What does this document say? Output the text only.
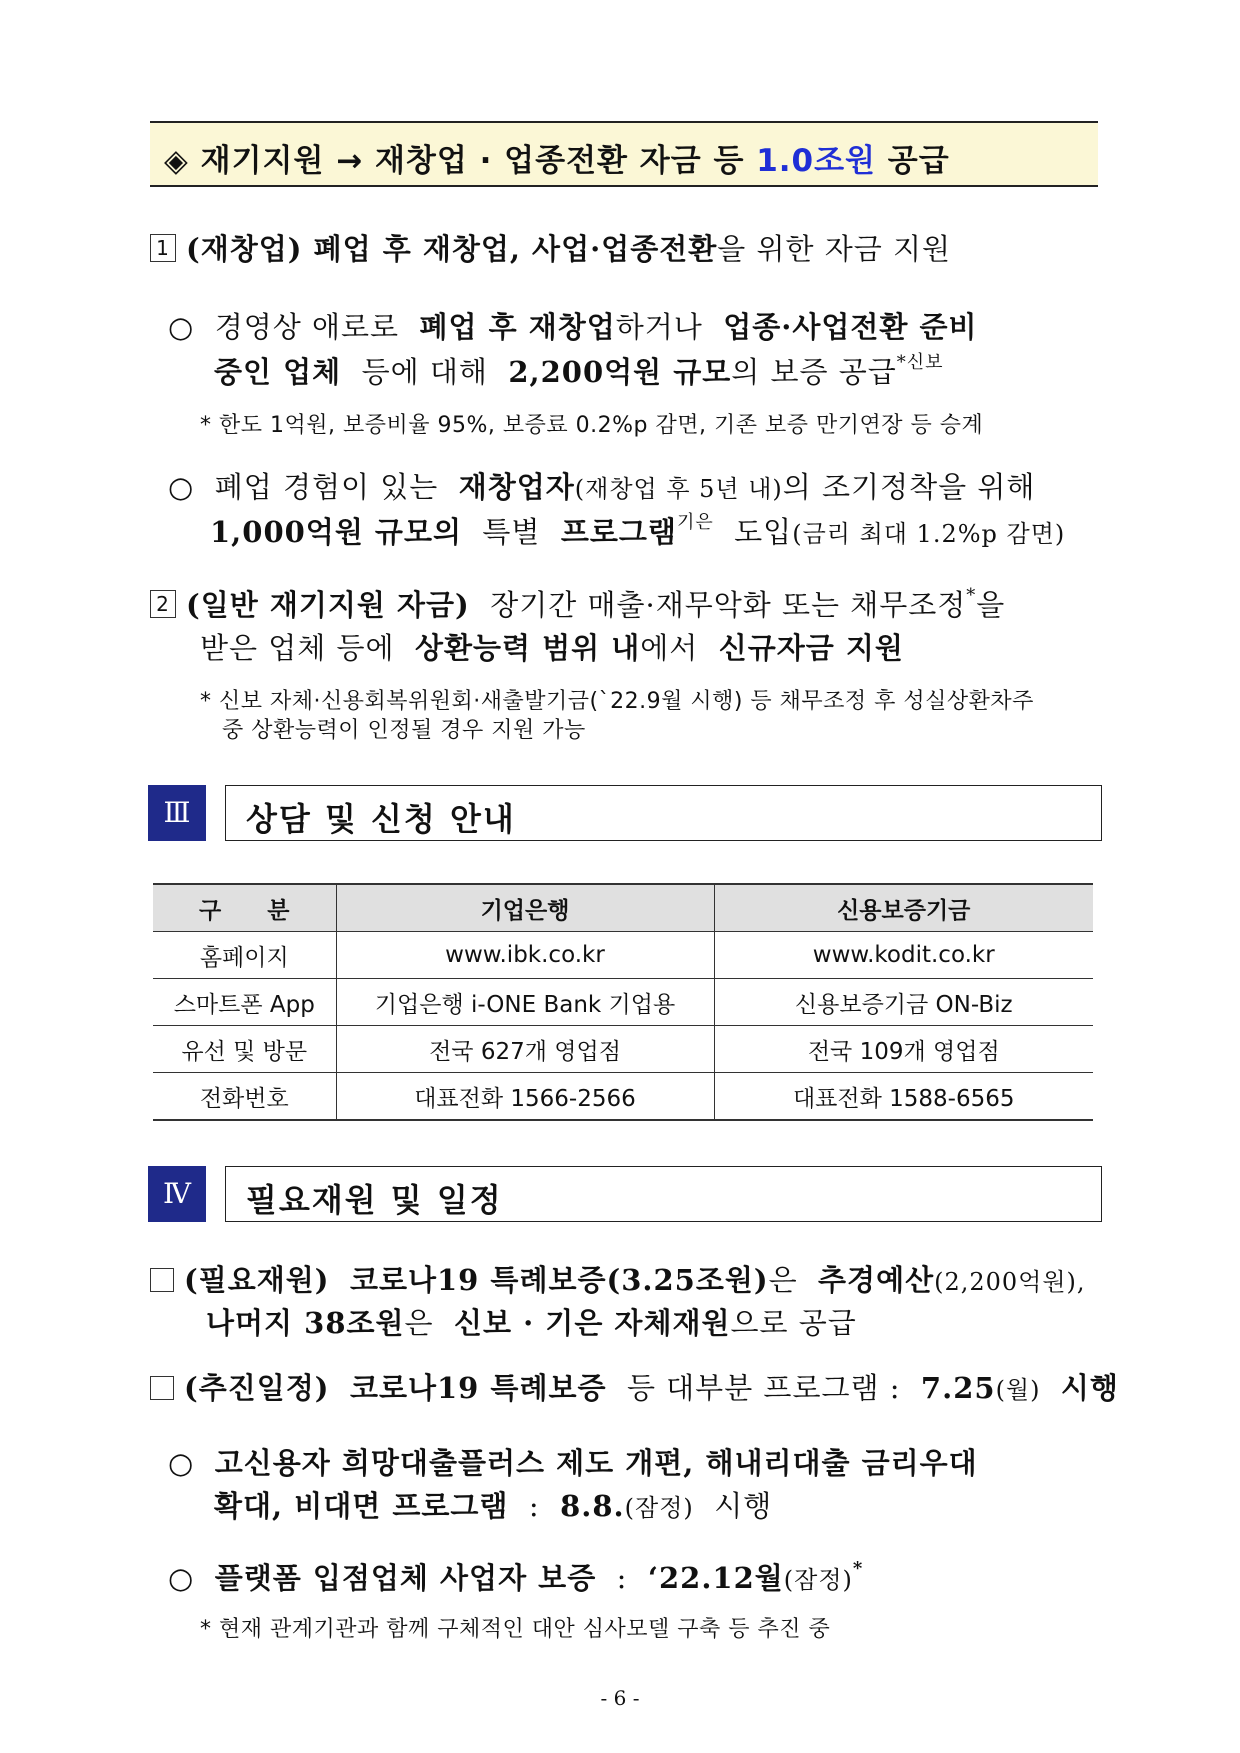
◈ 재기지원 → 재창업 · 업종전환 자금 등 1.0조원 공급
1 (재창업) 폐업 후 재창업, 사업·업종전환을 위한 자금 지원
○ 경영상 애로로 폐업 후 재창업하거나 업종·사업전환 준비
중인 업체 등에 대해 2,200억원 규모의 보증 공급$^{*신보}$
* 한도 1억원, 보증비율 95%, 보증료 0.2%p 감면, 기존 보증 만기연장 등 승계
○ 폐업 경험이 있는 재창업자(재창업 후 5년 내)의 조기정착을 위해
1,000억원 규모의 특별 프로그램$^{기은}$ 도입(금리 최대 1.2%p 감면)
2 (일반 재기지원 자금) 장기간 매출·재무악화 또는 채무조정*을
받은 업체 등에 상환능력 범위 내에서 신규자금 지원
* 신보 자체·신용회복위원회·새출발기금(`22.9월 시행) 등 채무조정 후 성실상환차주
중 상환능력이 인정될 경우 지원 가능
Ⅲ	상담 및 신청 안내
구　　분	기업은행	신용보증기금
홈페이지	www.ibk.co.kr	www.kodit.co.kr
스마트폰 App	기업은행 i-ONE Bank 기업용	신용보증기금 ON-Biz
유선 및 방문	전국 627개 영업점	전국 109개 영업점
전화번호	대표전화 1566-2566	대표전화 1588-6565
Ⅳ	필요재원 및 일정
(필요재원) 코로나19 특례보증(3.25조원)은 추경예산(2,200억원),
나머지 38조원은 신보 · 기은 자체재원으로 공급
(추진일정) 코로나19 특례보증 등 대부분 프로그램 : 7.25(월) 시행
○ 고신용자 희망대출플러스 제도 개편, 해내리대출 금리우대
확대, 비대면 프로그램 : 8.8.(잠정) 시행
○ 플랫폼 입점업체 사업자 보증 : ‘22.12월(잠정)*
* 현재 관계기관과 함께 구체적인 대안 심사모델 구축 등 추진 중
- 6 -
